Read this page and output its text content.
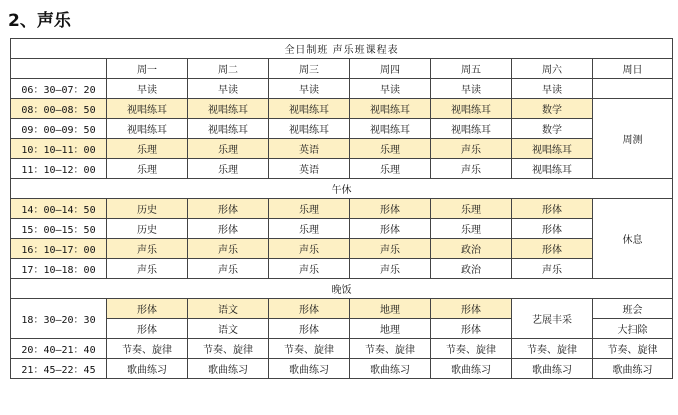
2、声乐
全日制班 声乐班课程表							
	周一	周二	周三	周四	周五	周六	周日
06：30—07：20	早读	早读	早读	早读	早读	早读	
08：00—08：50	视唱练耳	视唱练耳	视唱练耳	视唱练耳	视唱练耳	数学	周测
09：00—09：50	视唱练耳	视唱练耳	视唱练耳	视唱练耳	视唱练耳	数学	
10：10—11：00	乐理	乐理	英语	乐理	声乐	视唱练耳	
11：10—12：00	乐理	乐理	英语	乐理	声乐	视唱练耳	
午休							
14：00—14：50	历史	形体	乐理	形体	乐理	形体	休息
15：00—15：50	历史	形体	乐理	形体	乐理	形体	
16：10—17：00	声乐	声乐	声乐	声乐	政治	形体	
17：10—18：00	声乐	声乐	声乐	声乐	政治	声乐	
晚饭							
18：30—20：30	形体	语文	形体	地理	形体	艺展丰采	班会
	形体	语文	形体	地理	形体		大扫除
20：40—21：40	节奏、旋律	节奏、旋律	节奏、旋律	节奏、旋律	节奏、旋律	节奏、旋律	节奏、旋律
21：45—22：45	歌曲练习	歌曲练习	歌曲练习	歌曲练习	歌曲练习	歌曲练习	歌曲练习
